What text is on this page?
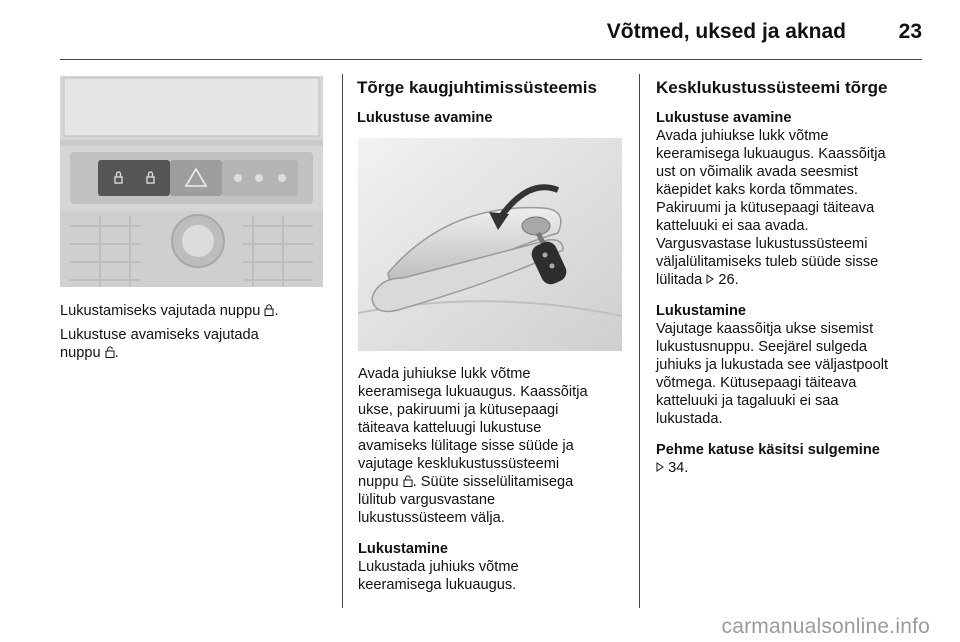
Võtmed, uksed ja aknad	23

Lukustamiseks vajutada nuppu .

Lukustuse avamiseks vajutada
nuppu .

Tõrge kaugjuhtimissüsteemis

Lukustuse avamine

Avada juhiukse lukk võtme
keeramisega lukuaugus. Kaassõitja
ukse, pakiruumi ja kütusepaagi
täiteava katteluugi lukustuse
avamiseks lülitage sisse süüde ja
vajutage kesklukustussüsteemi
nuppu . Süüte sisselülitamisega
lülitub vargusvastane
lukustussüsteem välja.

Lukustamine

Lukustada juhiuks võtme
keeramisega lukuaugus.

Kesklukustussüsteemi tõrge

Lukustuse avamine

Avada juhiukse lukk võtme
keeramisega lukuaugus. Kaassõitja
ust on võimalik avada seesmist
käepidet kaks korda tõmmates.
Pakiruumi ja kütusepaagi täiteava
katteluuki ei saa avada.
Vargusvastase lukustussüsteemi
väljalülitamiseks tuleb süüde sisse
lülitada 26.

Lukustamine

Vajutage kaassõitja ukse sisemist
lukustusnuppu. Seejärel sulgeda
juhiuks ja lukustada see väljastpoolt
võtmega. Kütusepaagi täiteava
katteluuki ja tagaluuki ei saa
lukustada.

Pehme katuse käsitsi sulgemine

34.

carmanualsonline.info
